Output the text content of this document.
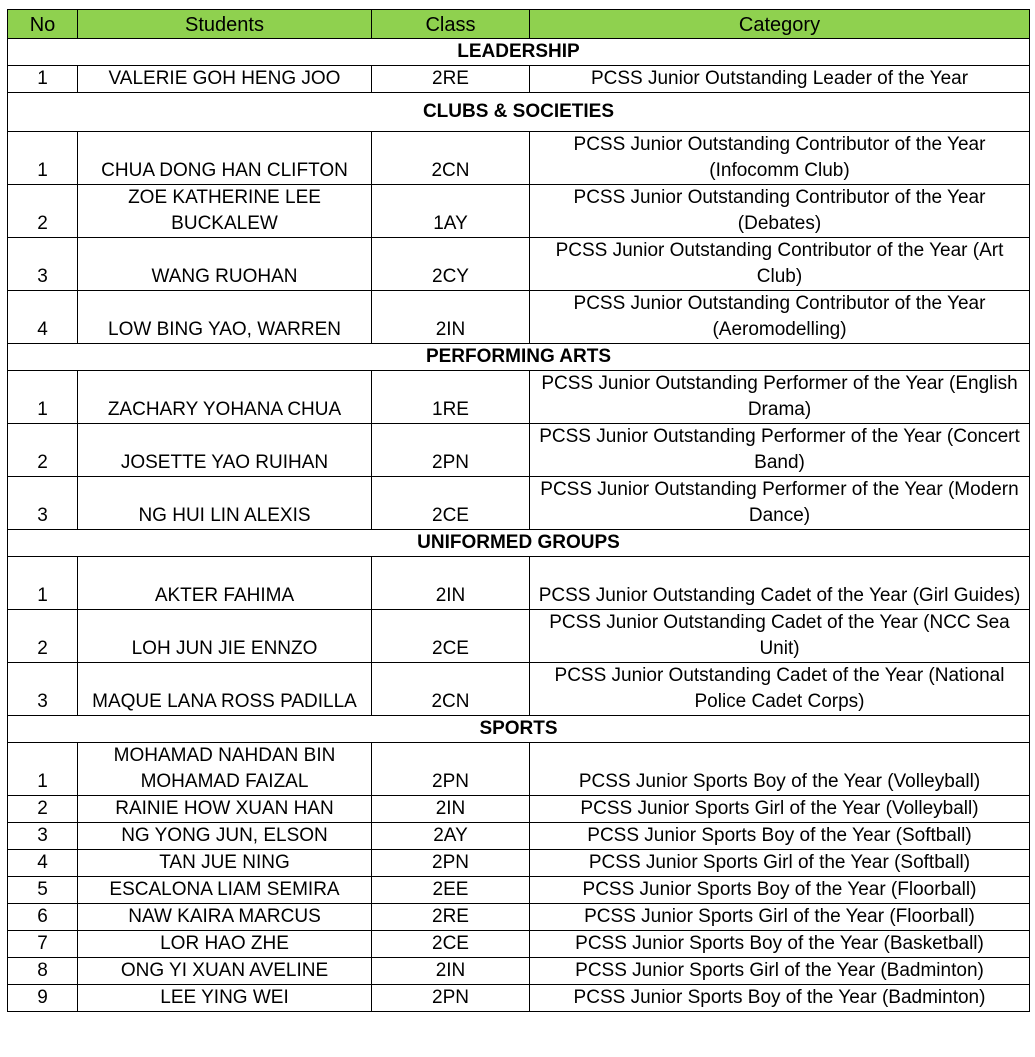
No	Students	Class	Category
LEADERSHIP			
1	VALERIE GOH HENG JOO	2RE	PCSS Junior Outstanding Leader of the Year
CLUBS & SOCIETIES			
1	CHUA DONG HAN CLIFTON	2CN	PCSS Junior Outstanding Contributor of the Year (Infocomm Club)
2	ZOE KATHERINE LEE BUCKALEW	1AY	PCSS Junior Outstanding Contributor of the Year (Debates)
3	WANG RUOHAN	2CY	PCSS Junior Outstanding Contributor of the Year (Art Club)
4	LOW BING YAO, WARREN	2IN	PCSS Junior Outstanding Contributor of the Year (Aeromodelling)
PERFORMING ARTS			
1	ZACHARY YOHANA CHUA	1RE	PCSS Junior Outstanding Performer of the Year (English Drama)
2	JOSETTE YAO RUIHAN	2PN	PCSS Junior Outstanding Performer of the Year (Concert Band)
3	NG HUI LIN ALEXIS	2CE	PCSS Junior Outstanding Performer of the Year (Modern Dance)
UNIFORMED GROUPS			
1	AKTER FAHIMA	2IN	PCSS Junior Outstanding Cadet of the Year (Girl Guides)
2	LOH JUN JIE ENNZO	2CE	PCSS Junior Outstanding Cadet of the Year (NCC Sea Unit)
3	MAQUE LANA ROSS PADILLA	2CN	PCSS Junior Outstanding Cadet of the Year (National Police Cadet Corps)
SPORTS			
1	MOHAMAD NAHDAN BIN MOHAMAD FAIZAL	2PN	PCSS Junior Sports Boy of the Year (Volleyball)
2	RAINIE HOW XUAN HAN	2IN	PCSS Junior Sports Girl of the Year (Volleyball)
3	NG YONG JUN, ELSON	2AY	PCSS Junior Sports Boy of the Year (Softball)
4	TAN JUE NING	2PN	PCSS Junior Sports Girl of the Year (Softball)
5	ESCALONA LIAM SEMIRA	2EE	PCSS Junior Sports Boy of the Year (Floorball)
6	NAW KAIRA MARCUS	2RE	PCSS Junior Sports Girl of the Year (Floorball)
7	LOR HAO ZHE	2CE	PCSS Junior Sports Boy of the Year (Basketball)
8	ONG YI XUAN AVELINE	2IN	PCSS Junior Sports Girl of the Year (Badminton)
9	LEE YING WEI	2PN	PCSS Junior Sports Boy of the Year (Badminton)
